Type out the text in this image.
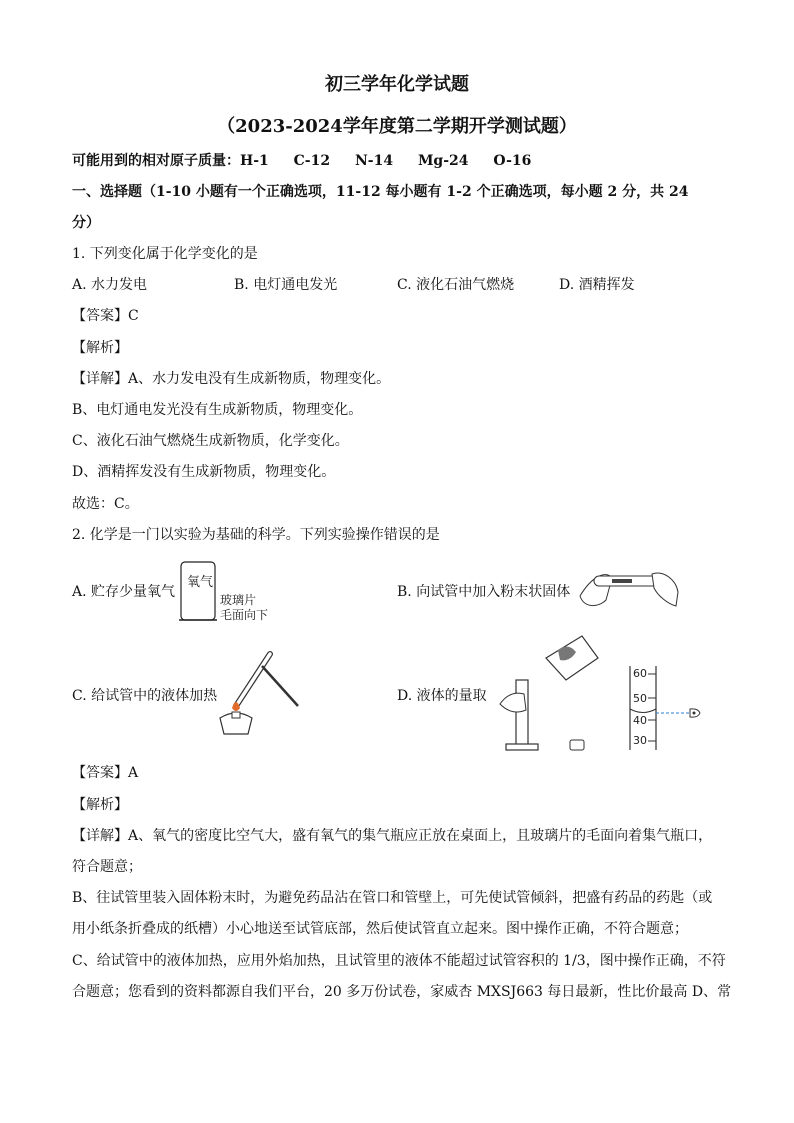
初三学年化学试题
（2023-2024学年度第二学期开学测试题）
可能用到的相对原子质量：H-1 C-12 N-14 Mg-24 O-16
一、选择题（1-10 小题有一个正确选项，11-12 每小题有 1-2 个正确选项，每小题 2 分，共 24
分）
1. 下列变化属于化学变化的是
A. 水力发电	B. 电灯通电发光	C. 液化石油气燃烧	D. 酒精挥发
【答案】C
【解析】
【详解】A、水力发电没有生成新物质，物理变化。
B、电灯通电发光没有生成新物质，物理变化。
C、液化石油气燃烧生成新物质，化学变化。
D、酒精挥发没有生成新物质，物理变化。
故选：C。
2. 化学是一门以实验为基础的科学。下列实验操作错误的是
A. 贮存少量氧气
氧气
玻璃片
毛面向下
B. 向试管中加入粉末状固体
C. 给试管中的液体加热	D. 液体的量取
60
50
40
30
【答案】A
【解析】
【详解】A、氧气的密度比空气大，盛有氧气的集气瓶应正放在桌面上，且玻璃片的毛面向着集气瓶口，
符合题意；
B、往试管里装入固体粉末时，为避免药品沾在管口和管壁上，可先使试管倾斜，把盛有药品的药匙（或
用小纸条折叠成的纸槽）小心地送至试管底部，然后使试管直立起来。图中操作正确，不符合题意；
C、给试管中的液体加热，应用外焰加热，且试管里的液体不能超过试管容积的 1/3，图中操作正确，不符
合题意；您看到的资料都源自我们平台，20 多万份试卷，家威杏 MXSJ663 每日最新，性比价最高 D、常
